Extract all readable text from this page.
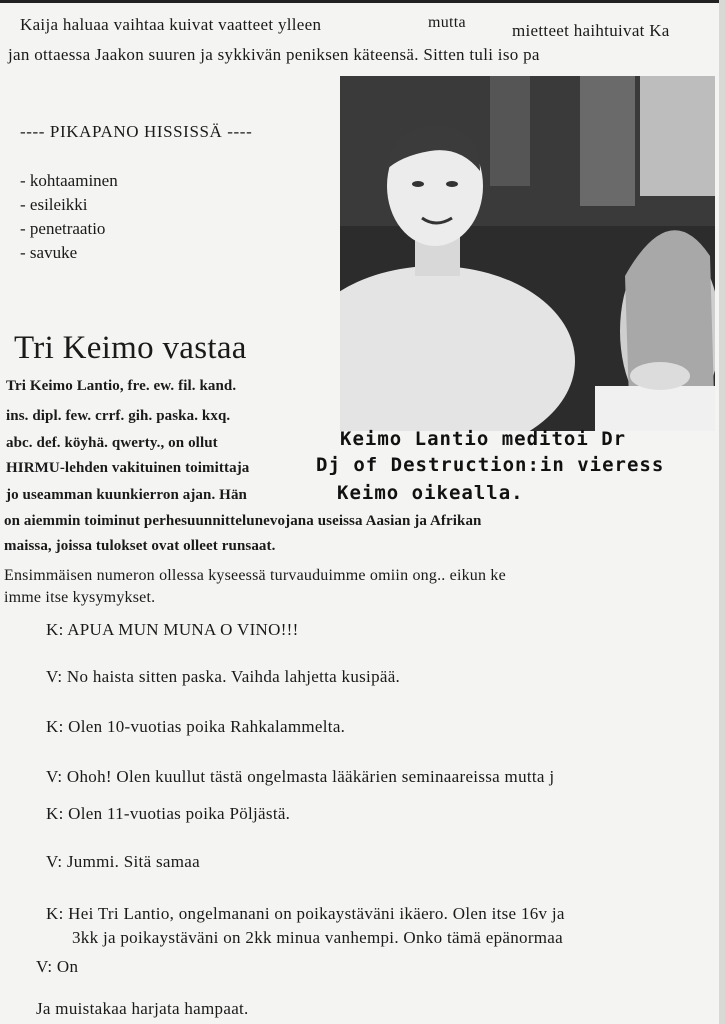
Kaija haluaa vaihtaa kuivat vaatteet ylleen	mutta	mietteet haihtuivat Ka
jan ottaessa Jaakon suuren ja sykkivän peniksen käteensä. Sitten tuli iso pa
---- PIKAPANO HISSISSÄ ----
- kohtaaminen
- esileikki
- penetraatio
- savuke
Keimo Lantio meditoi Dr
Dj of Destruction:in vieress
Keimo oikealla.
Tri Keimo vastaa
Tri Keimo Lantio, fre. ew. fil. kand.
ins. dipl. few. crrf. gih. paska. kxq.
abc. def. köyhä. qwerty., on ollut
HIRMU-lehden vakituinen toimittaja
jo useamman kuunkierron ajan. Hän
on aiemmin toiminut perhesuunnittelunevojana useissa Aasian ja Afrikan
maissa, joissa tulokset ovat olleet runsaat.
Ensimmäisen numeron ollessa kyseessä turvauduimme omiin ong.. eikun ke
imme itse kysymykset.
K: APUA MUN MUNA O VINO!!!
V: No haista sitten paska. Vaihda lahjetta kusipää.
K: Olen 10-vuotias poika Rahkalammelta.
V: Ohoh! Olen kuullut tästä ongelmasta lääkärien seminaareissa mutta j
K: Olen 11-vuotias poika Pöljästä.
V: Jummi. Sitä samaa
K: Hei Tri Lantio, ongelmanani on poikaystäväni ikäero. Olen itse 16v ja
3kk ja poikaystäväni on 2kk minua vanhempi. Onko tämä epänormaa
V: On
Ja muistakaa harjata hampaat.
